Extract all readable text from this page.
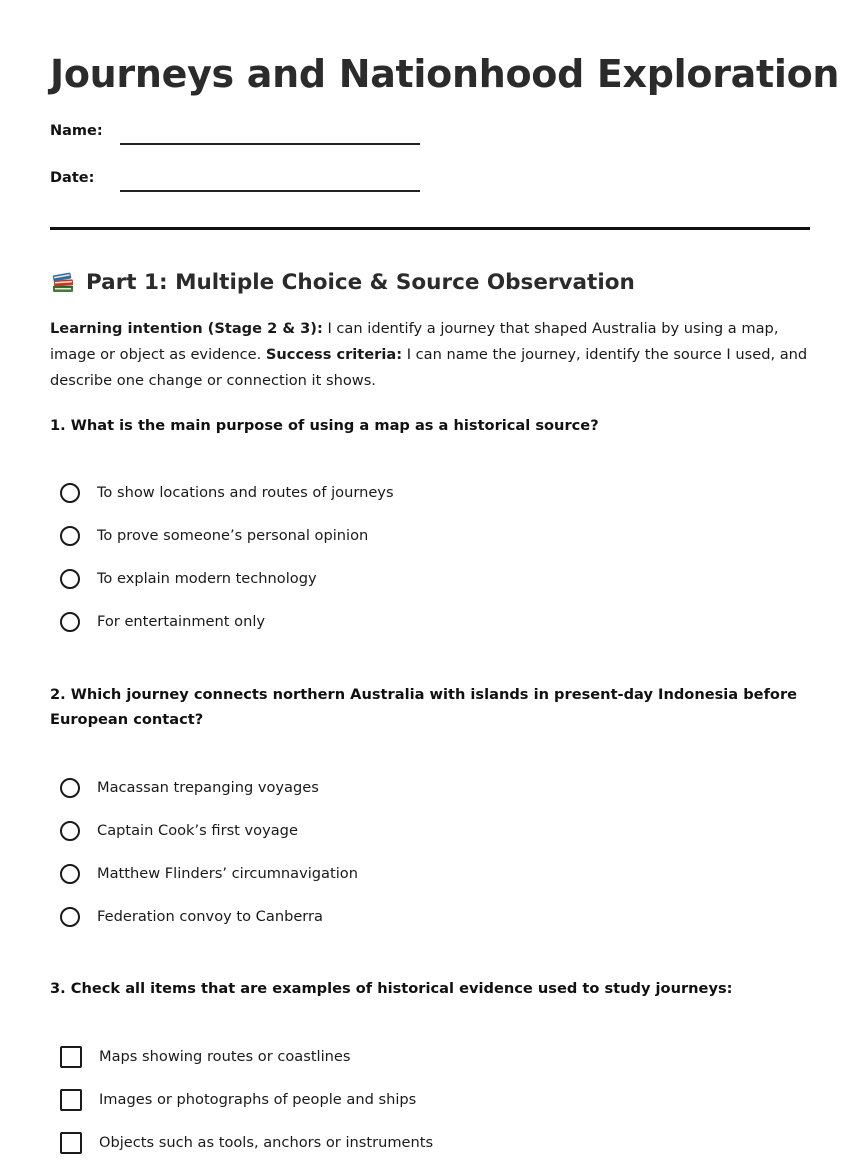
Journeys and Nationhood Exploration
Name:
Date:
Part 1: Multiple Choice & Source Observation
Learning intention (Stage 2 & 3): I can identify a journey that shaped Australia by using a map, image or object as evidence. Success criteria: I can name the journey, identify the source I used, and describe one change or connection it shows.
1. What is the main purpose of using a map as a historical source?
To show locations and routes of journeys
To prove someone’s personal opinion
To explain modern technology
For entertainment only
2. Which journey connects northern Australia with islands in present-day Indonesia before European contact?
Macassan trepanging voyages
Captain Cook’s first voyage
Matthew Flinders’ circumnavigation
Federation convoy to Canberra
3. Check all items that are examples of historical evidence used to study journeys:
Maps showing routes or coastlines
Images or photographs of people and ships
Objects such as tools, anchors or instruments
